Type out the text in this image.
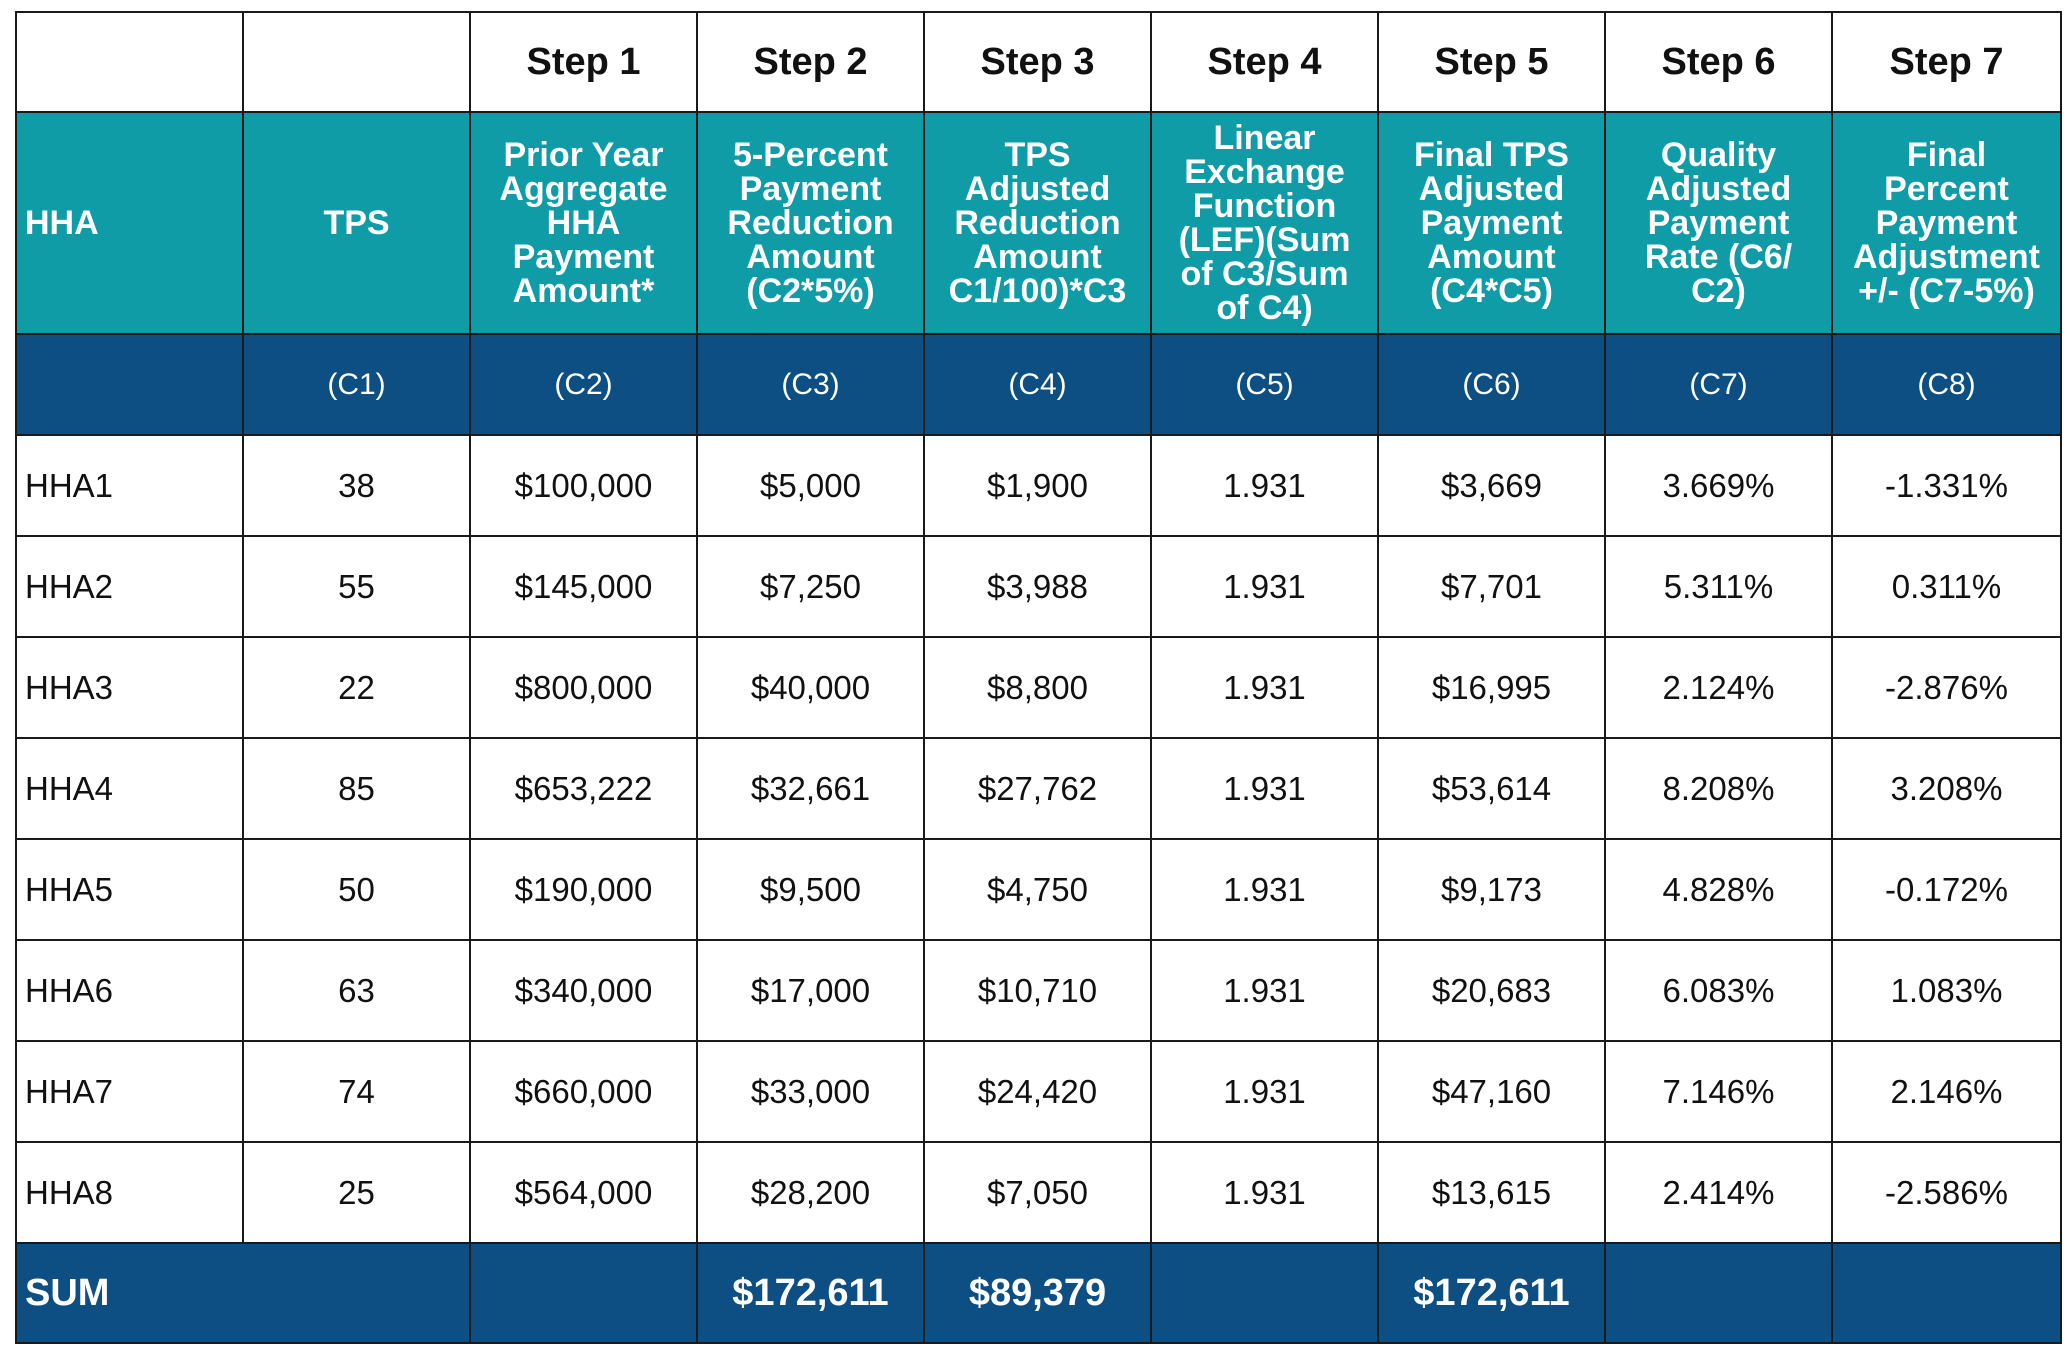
		Step 1	Step 2	Step 3	Step 4	Step 5	Step 6	Step 7
HHA	TPS	Prior Year Aggregate HHA Payment Amount*	5-Percent Payment Reduction Amount (C2*5%)	TPS Adjusted Reduction Amount C1/100)*C3	Linear Exchange Function (LEF)(Sum of C3/Sum of C4)	Final TPS Adjusted Payment Amount (C4*C5)	Quality Adjusted Payment Rate (C6/ C2)	Final Percent Payment Adjustment +/- (C7-5%)
	(C1)	(C2)	(C3)	(C4)	(C5)	(C6)	(C7)	(C8)
HHA1	38	$100,000	$5,000	$1,900	1.931	$3,669	3.669%	-1.331%
HHA2	55	$145,000	$7,250	$3,988	1.931	$7,701	5.311%	0.311%
HHA3	22	$800,000	$40,000	$8,800	1.931	$16,995	2.124%	-2.876%
HHA4	85	$653,222	$32,661	$27,762	1.931	$53,614	8.208%	3.208%
HHA5	50	$190,000	$9,500	$4,750	1.931	$9,173	4.828%	-0.172%
HHA6	63	$340,000	$17,000	$10,710	1.931	$20,683	6.083%	1.083%
HHA7	74	$660,000	$33,000	$24,420	1.931	$47,160	7.146%	2.146%
HHA8	25	$564,000	$28,200	$7,050	1.931	$13,615	2.414%	-2.586%
SUM			$172,611	$89,379		$172,611		
